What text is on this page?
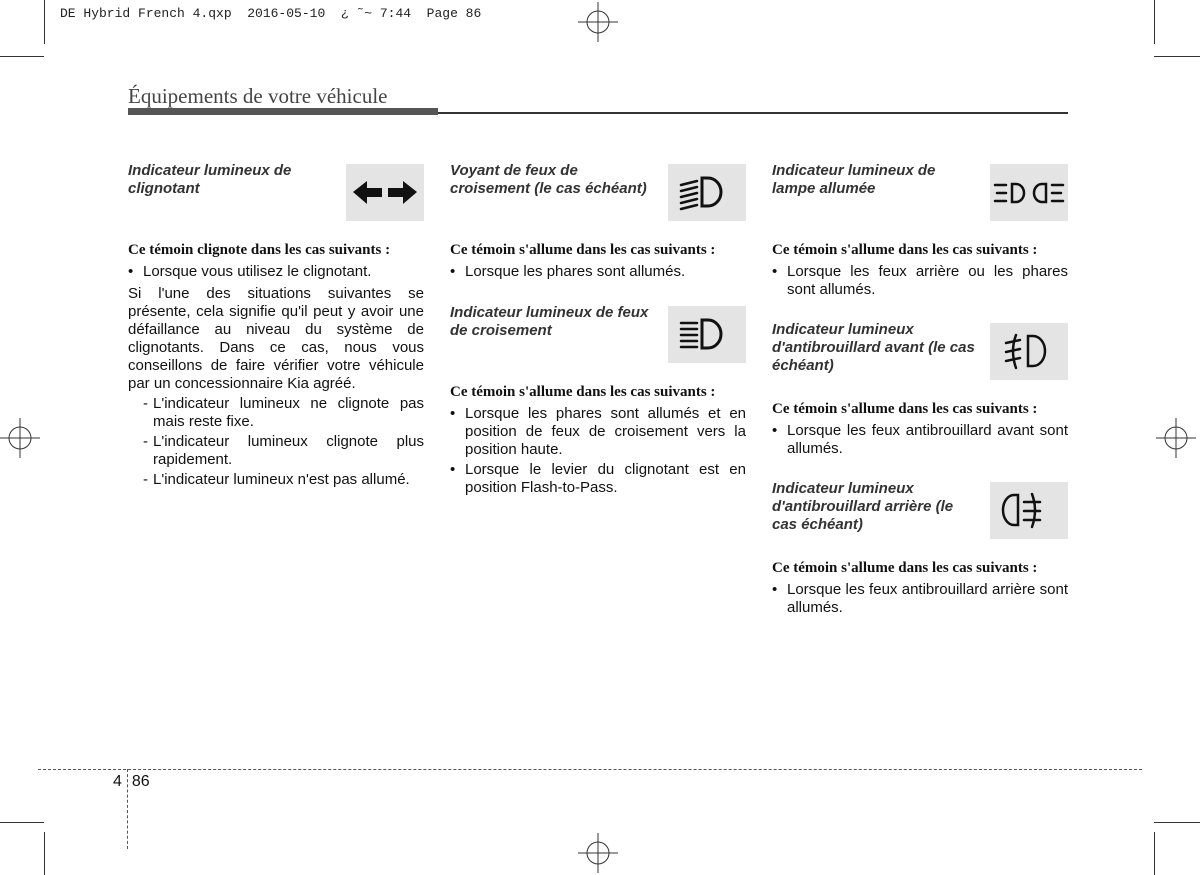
DE Hybrid French 4.qxp  2016-05-10  ¿ ˜~ 7:44  Page 86
Équipements de votre véhicule
Indicateur lumineux de clignotant
Ce témoin clignote dans les cas suivants :
• Lorsque vous utilisez le clignotant.
Si l'une des situations suivantes se présente, cela signifie qu'il peut y avoir une défaillance au niveau du système de clignotants. Dans ce cas, nous vous conseillons de faire vérifier votre véhicule par un concessionnaire Kia agréé.
- L'indicateur lumineux ne clignote pas mais reste fixe.
- L'indicateur lumineux clignote plus rapidement.
- L'indicateur lumineux n'est pas allumé.
Voyant de feux de croisement (le cas échéant)
Ce témoin s'allume dans les cas suivants :
• Lorsque les phares sont allumés.
Indicateur lumineux de feux de croisement
Ce témoin s'allume dans les cas suivants :
• Lorsque les phares sont allumés et en position de feux de croisement vers la position haute.
• Lorsque le levier du clignotant est en position Flash-to-Pass.
Indicateur lumineux de lampe allumée
Ce témoin s'allume dans les cas suivants :
• Lorsque les feux arrière ou les phares sont allumés.
Indicateur lumineux d'antibrouillard avant (le cas échéant)
Ce témoin s'allume dans les cas suivants :
• Lorsque les feux antibrouillard avant sont allumés.
Indicateur lumineux d'antibrouillard arrière (le cas échéant)
Ce témoin s'allume dans les cas suivants :
• Lorsque les feux antibrouillard arrière sont allumés.
4 86
